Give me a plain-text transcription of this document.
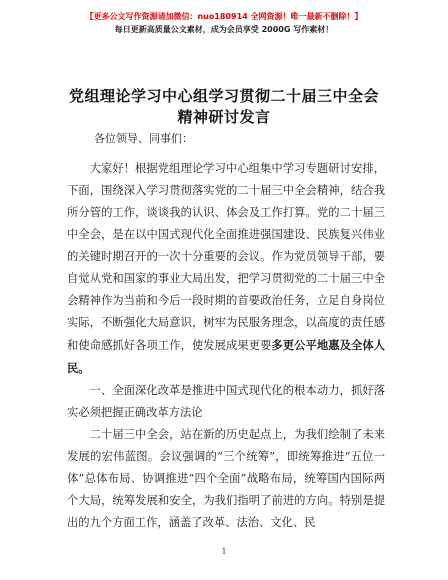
【更多公文写作资源请加微信：nuo180914 全网资源！唯一最新不删除！】
每日更新高质量公文素材，成为会员享受 2000G 写作素材！
党组理论学习中心组学习贯彻二十届三中全会
精神研讨发言
各位领导、同事们：

大家好！根据党组理论学习中心组集中学习专题研讨安排，下面，围绕深入学习贯彻落实党的二十届三中全会精神，结合我所分管的工作，谈谈我的认识、体会及工作打算。党的二十届三中全会，是在以中国式现代化全面推进强国建设、民族复兴伟业的关键时期召开的一次十分重要的会议。作为党员领导干部，要自觉从党和国家的事业大局出发，把学习贯彻党的二十届三中全会精神作为当前和今后一段时期的首要政治任务，立足自身岗位实际，不断强化大局意识，树牢为民服务理念，以高度的责任感和使命感抓好各项工作，使发展成果更要多更公平地惠及全体人民。

一、全面深化改革是推进中国式现代化的根本动力，抓好落实必须把握正确改革方法论

二十届三中全会，站在新的历史起点上，为我们绘制了未来发展的宏伟蓝图。会议强调的“三个统筹”，即统筹推进“五位一体”总体布局、协调推进“四个全面”战略布局，统筹国内国际两个大局，统筹发展和安全，为我们指明了前进的方向。特别是提出的九个方面工作，涵盖了改革、法治、文化、民

1
